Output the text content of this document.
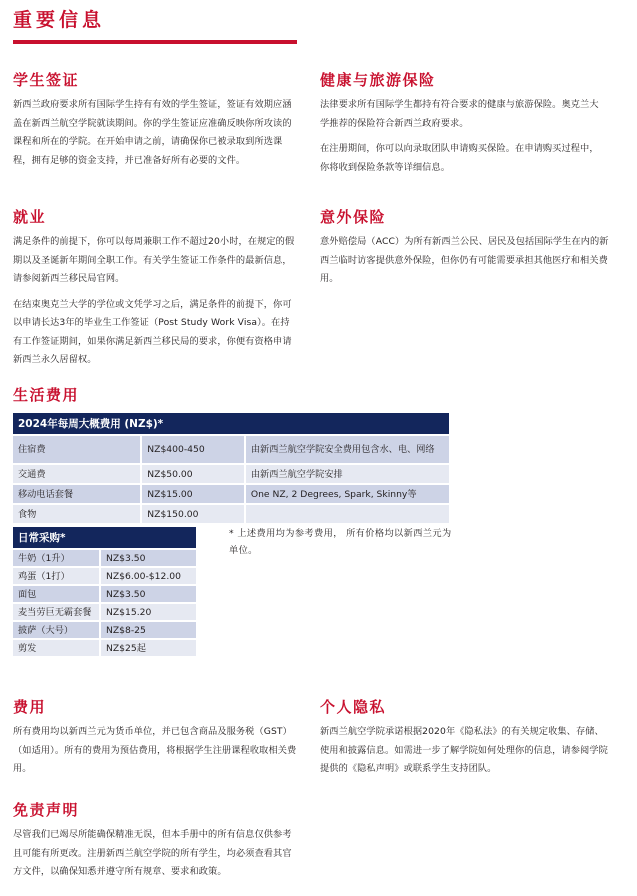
重要信息
学生签证

新西兰政府要求所有国际学生持有有效的学生签证，签证有效期应涵盖在新西兰航空学院就读期间。你的学生签证应准确反映你所攻读的课程和所在的学院。在开始申请之前，请确保你已被录取到所选课程，拥有足够的资金支持，并已准备好所有必要的文件。

健康与旅游保险

法律要求所有国际学生都持有符合要求的健康与旅游保险。奥克兰大学推荐的保险符合新西兰政府要求。

在注册期间，你可以向录取团队申请购买保险。在申请购买过程中，你将收到保险条款等详细信息。

就业

满足条件的前提下，你可以每周兼职工作不超过20小时，在规定的假期以及圣诞新年期间全职工作。有关学生签证工作条件的最新信息，请参阅新西兰移民局官网。

在结束奥克兰大学的学位或文凭学习之后，满足条件的前提下，你可以申请长达3年的毕业生工作签证（Post Study Work Visa）。在持有工作签证期间，如果你满足新西兰移民局的要求，你便有资格申请新西兰永久居留权。

意外保险

意外赔偿局（ACC）为所有新西兰公民、居民及包括国际学生在内的新西兰临时访客提供意外保险，但你仍有可能需要承担其他医疗和相关费用。

生活费用
2024年每周大概费用 (NZ$)*		
住宿费	NZ$400-450	由新西兰航空学院安全费用包含水、电、网络
交通费	NZ$50.00	由新西兰航空学院安排
移动电话套餐	NZ$15.00	One NZ, 2 Degrees, Spark, Skinny等
食物	NZ$150.00	
日常采购*	
牛奶（1升）	NZ$3.50
鸡蛋（1打）	NZ$6.00-$12.00
面包	NZ$3.50
麦当劳巨无霸套餐	NZ$15.20
披萨（大号）	NZ$8-25
剪发	NZ$25起
* 上述费用均为参考费用， 所有价格均以新西兰元为单位。
费用

所有费用均以新西兰元为货币单位，并已包含商品及服务税（GST）（如适用）。所有的费用为预估费用，将根据学生注册课程收取相关费用。

个人隐私

新西兰航空学院承诺根据2020年《隐私法》的有关规定收集、存储、使用和披露信息。如需进一步了解学院如何处理你的信息，请参阅学院提供的《隐私声明》或联系学生支持团队。

免责声明

尽管我们已竭尽所能确保精准无误，但本手册中的所有信息仅供参考且可能有所更改。注册新西兰航空学院的所有学生，均必须查看其官方文件，以确保知悉并遵守所有规章、要求和政策。
